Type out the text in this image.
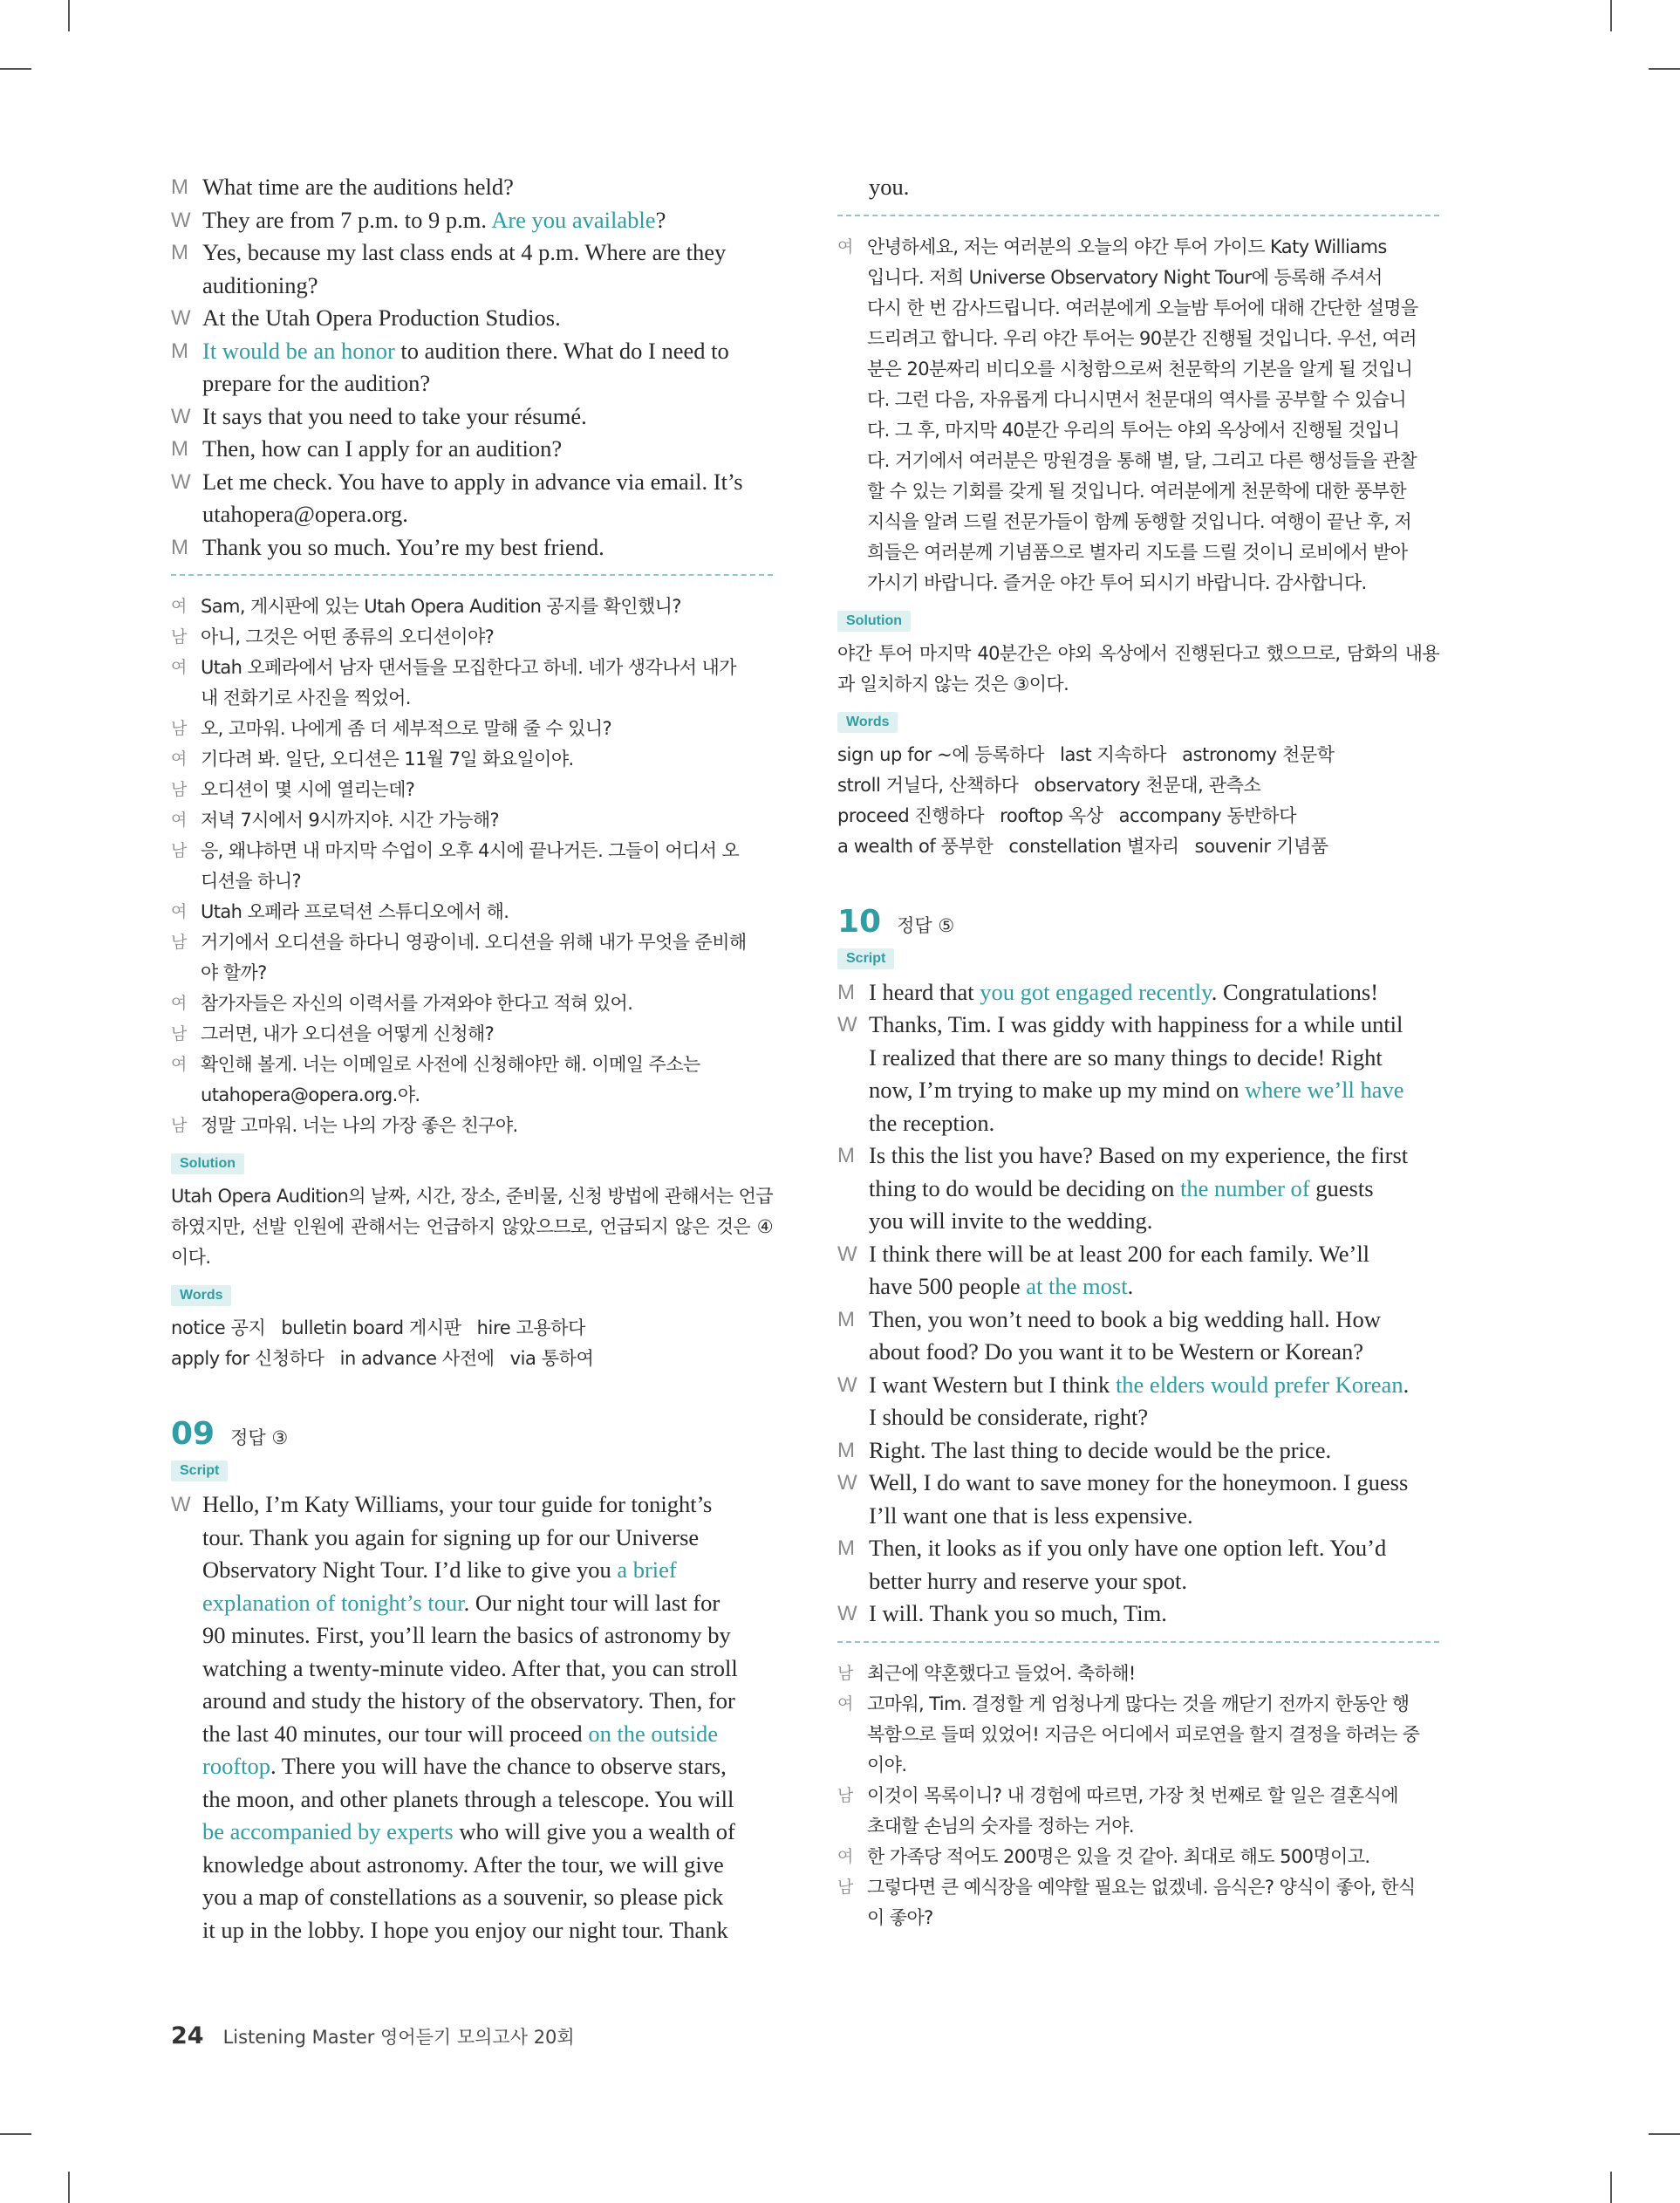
M What time are the auditions held?
W They are from 7 p.m. to 9 p.m. Are you available?
M Yes, because my last class ends at 4 p.m. Where are they
auditioning?
W At the Utah Opera Production Studios.
M It would be an honor to audition there. What do I need to
prepare for the audition?
W It says that you need to take your résumé.
M Then, how can I apply for an audition?
W Let me check. You have to apply in advance via email. It’s
utahopera@opera.org.
M Thank you so much. You’re my best friend.
여 Sam, 게시판에 있는 Utah Opera Audition 공지를 확인했니?
남 아니, 그것은 어떤 종류의 오디션이야?
여 Utah 오페라에서 남자 댄서들을 모집한다고 하네. 네가 생각나서 내가
내 전화기로 사진을 찍었어.
남 오, 고마워. 나에게 좀 더 세부적으로 말해 줄 수 있니?
여 기다려 봐. 일단, 오디션은 11월 7일 화요일이야.
남 오디션이 몇 시에 열리는데?
여 저녁 7시에서 9시까지야. 시간 가능해?
남 응, 왜냐하면 내 마지막 수업이 오후 4시에 끝나거든. 그들이 어디서 오
디션을 하니?
여 Utah 오페라 프로덕션 스튜디오에서 해.
남 거기에서 오디션을 하다니 영광이네. 오디션을 위해 내가 무엇을 준비해
야 할까?
여 참가자들은 자신의 이력서를 가져와야 한다고 적혀 있어.
남 그러면, 내가 오디션을 어떻게 신청해?
여 확인해 볼게. 너는 이메일로 사전에 신청해야만 해. 이메일 주소는
utahopera@opera.org.야.
남 정말 고마워. 너는 나의 가장 좋은 친구야.
Solution
Utah Opera Audition의 날짜, 시간, 장소, 준비물, 신청 방법에 관해서는 언급하였지만, 선발 인원에 관해서는 언급하지 않았으므로, 언급되지 않은 것은 ④이다.
Words
notice 공지 bulletin board 게시판 hire 고용하다
apply for 신청하다 in advance 사전에 via 통하여
09 정답 ③
Script
W Hello, I’m Katy Williams, your tour guide for tonight’s
tour. Thank you again for signing up for our Universe
Observatory Night Tour. I’d like to give you a brief
explanation of tonight’s tour. Our night tour will last for
90 minutes. First, you’ll learn the basics of astronomy by
watching a twenty-minute video. After that, you can stroll
around and study the history of the observatory. Then, for
the last 40 minutes, our tour will proceed on the outside
rooftop. There you will have the chance to observe stars,
the moon, and other planets through a telescope. You will
be accompanied by experts who will give you a wealth of
knowledge about astronomy. After the tour, we will give
you a map of constellations as a souvenir, so please pick
it up in the lobby. I hope you enjoy our night tour. Thank
you.
여 안녕하세요, 저는 여러분의 오늘의 야간 투어 가이드 Katy Williams
입니다. 저희 Universe Observatory Night Tour에 등록해 주셔서
다시 한 번 감사드립니다. 여러분에게 오늘밤 투어에 대해 간단한 설명을
드리려고 합니다. 우리 야간 투어는 90분간 진행될 것입니다. 우선, 여러
분은 20분짜리 비디오를 시청함으로써 천문학의 기본을 알게 될 것입니
다. 그런 다음, 자유롭게 다니시면서 천문대의 역사를 공부할 수 있습니
다. 그 후, 마지막 40분간 우리의 투어는 야외 옥상에서 진행될 것입니
다. 거기에서 여러분은 망원경을 통해 별, 달, 그리고 다른 행성들을 관찰
할 수 있는 기회를 갖게 될 것입니다. 여러분에게 천문학에 대한 풍부한
지식을 알려 드릴 전문가들이 함께 동행할 것입니다. 여행이 끝난 후, 저
희들은 여러분께 기념품으로 별자리 지도를 드릴 것이니 로비에서 받아
가시기 바랍니다. 즐거운 야간 투어 되시기 바랍니다. 감사합니다.
Solution
야간 투어 마지막 40분간은 야외 옥상에서 진행된다고 했으므로, 담화의 내용과 일치하지 않는 것은 ③이다.
Words
sign up for ~에 등록하다 last 지속하다 astronomy 천문학
stroll 거닐다, 산책하다 observatory 천문대, 관측소
proceed 진행하다 rooftop 옥상 accompany 동반하다
a wealth of 풍부한 constellation 별자리 souvenir 기념품
10 정답 ⑤
Script
M I heard that you got engaged recently. Congratulations!
W Thanks, Tim. I was giddy with happiness for a while until
I realized that there are so many things to decide! Right
now, I’m trying to make up my mind on where we’ll have
the reception.
M Is this the list you have? Based on my experience, the first
thing to do would be deciding on the number of guests
you will invite to the wedding.
W I think there will be at least 200 for each family. We’ll
have 500 people at the most.
M Then, you won’t need to book a big wedding hall. How
about food? Do you want it to be Western or Korean?
W I want Western but I think the elders would prefer Korean.
I should be considerate, right?
M Right. The last thing to decide would be the price.
W Well, I do want to save money for the honeymoon. I guess
I’ll want one that is less expensive.
M Then, it looks as if you only have one option left. You’d
better hurry and reserve your spot.
W I will. Thank you so much, Tim.
남 최근에 약혼했다고 들었어. 축하해!
여 고마워, Tim. 결정할 게 엄청나게 많다는 것을 깨닫기 전까지 한동안 행
복함으로 들떠 있었어! 지금은 어디에서 피로연을 할지 결정을 하려는 중
이야.
남 이것이 목록이니? 내 경험에 따르면, 가장 첫 번째로 할 일은 결혼식에
초대할 손님의 숫자를 정하는 거야.
여 한 가족당 적어도 200명은 있을 것 같아. 최대로 해도 500명이고.
남 그렇다면 큰 예식장을 예약할 필요는 없겠네. 음식은? 양식이 좋아, 한식
이 좋아?
24 Listening Master 영어듣기 모의고사 20회
